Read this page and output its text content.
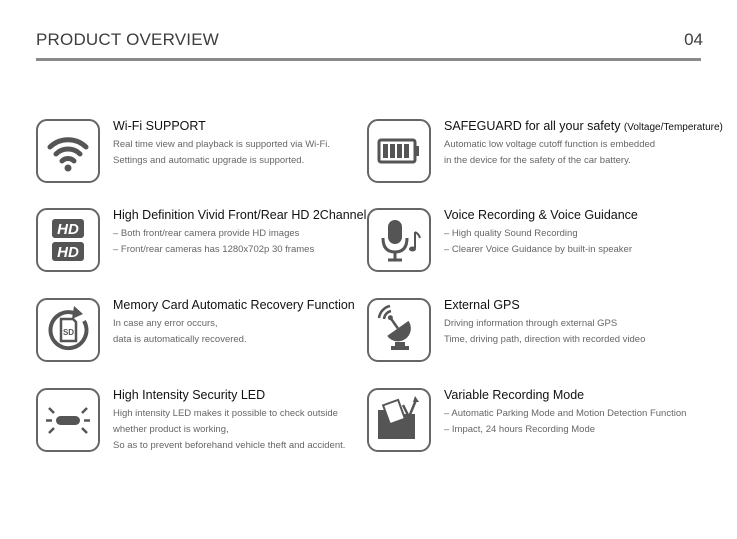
PRODUCT OVERVIEW	04
Wi-Fi SUPPORT
Real time view and playback is supported via Wi-Fi.
Settings and automatic upgrade is supported.
SAFEGUARD for all your safety (Voltage/Temperature)
Automatic low voltage cutoff function is embedded
in the device for the safety of the car battery.
HD
HD
High Definition Vivid Front/Rear HD 2Channel
– Both front/rear camera provide HD images
– Front/rear cameras has 1280x702p 30 frames
Voice Recording & Voice Guidance
– High quality Sound Recording
– Clearer Voice Guidance by built-in speaker
SD
Memory Card Automatic Recovery Function
In case any error occurs,
data is automatically recovered.
External GPS
Driving information through external GPS
Time, driving path, direction with recorded video
High Intensity Security LED
High intensity LED makes it possible to check outside
whether product is working,
So as to prevent beforehand vehicle theft and accident.
Variable Recording Mode
– Automatic Parking Mode and Motion Detection Function
– Impact, 24 hours Recording Mode
